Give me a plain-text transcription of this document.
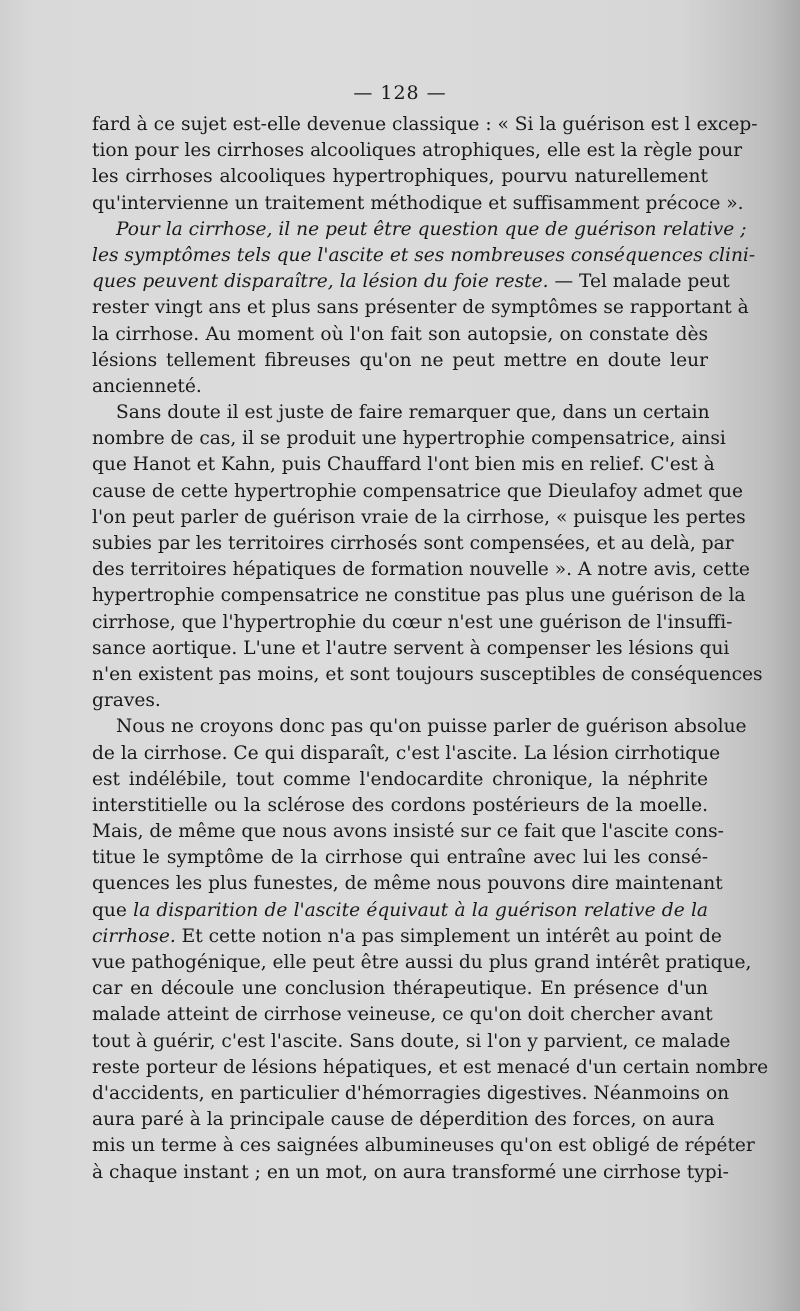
— 128 —
fard à ce sujet est-elle devenue classique : « Si la guérison est l excep-
tion pour les cirrhoses alcooliques atrophiques, elle est la règle pour
les cirrhoses alcooliques hypertrophiques, pourvu naturellement
qu'intervienne un traitement méthodique et suffisamment précoce ».
Pour la cirrhose, il ne peut être question que de guérison relative ;
les symptômes tels que l'ascite et ses nombreuses conséquences clini-
ques peuvent disparaître, la lésion du foie reste. — Tel malade peut
rester vingt ans et plus sans présenter de symptômes se rapportant à
la cirrhose. Au moment où l'on fait son autopsie, on constate dès
lésions tellement fibreuses qu'on ne peut mettre en doute leur
ancienneté.
Sans doute il est juste de faire remarquer que, dans un certain
nombre de cas, il se produit une hypertrophie compensatrice, ainsi
que Hanot et Kahn, puis Chauffard l'ont bien mis en relief. C'est à
cause de cette hypertrophie compensatrice que Dieulafoy admet que
l'on peut parler de guérison vraie de la cirrhose, « puisque les pertes
subies par les territoires cirrhosés sont compensées, et au delà, par
des territoires hépatiques de formation nouvelle ». A notre avis, cette
hypertrophie compensatrice ne constitue pas plus une guérison de la
cirrhose, que l'hypertrophie du cœur n'est une guérison de l'insuffi-
sance aortique. L'une et l'autre servent à compenser les lésions qui
n'en existent pas moins, et sont toujours susceptibles de conséquences
graves.
Nous ne croyons donc pas qu'on puisse parler de guérison absolue
de la cirrhose. Ce qui disparaît, c'est l'ascite. La lésion cirrhotique
est indélébile, tout comme l'endocardite chronique, la néphrite
interstitielle ou la sclérose des cordons postérieurs de la moelle.
Mais, de même que nous avons insisté sur ce fait que l'ascite cons-
titue le symptôme de la cirrhose qui entraîne avec lui les consé-
quences les plus funestes, de même nous pouvons dire maintenant
que la disparition de l'ascite équivaut à la guérison relative de la
cirrhose. Et cette notion n'a pas simplement un intérêt au point de
vue pathogénique, elle peut être aussi du plus grand intérêt pratique,
car en découle une conclusion thérapeutique. En présence d'un
malade atteint de cirrhose veineuse, ce qu'on doit chercher avant
tout à guérir, c'est l'ascite. Sans doute, si l'on y parvient, ce malade
reste porteur de lésions hépatiques, et est menacé d'un certain nombre
d'accidents, en particulier d'hémorragies digestives. Néanmoins on
aura paré à la principale cause de déperdition des forces, on aura
mis un terme à ces saignées albumineuses qu'on est obligé de répéter
à chaque instant ; en un mot, on aura transformé une cirrhose typi-
